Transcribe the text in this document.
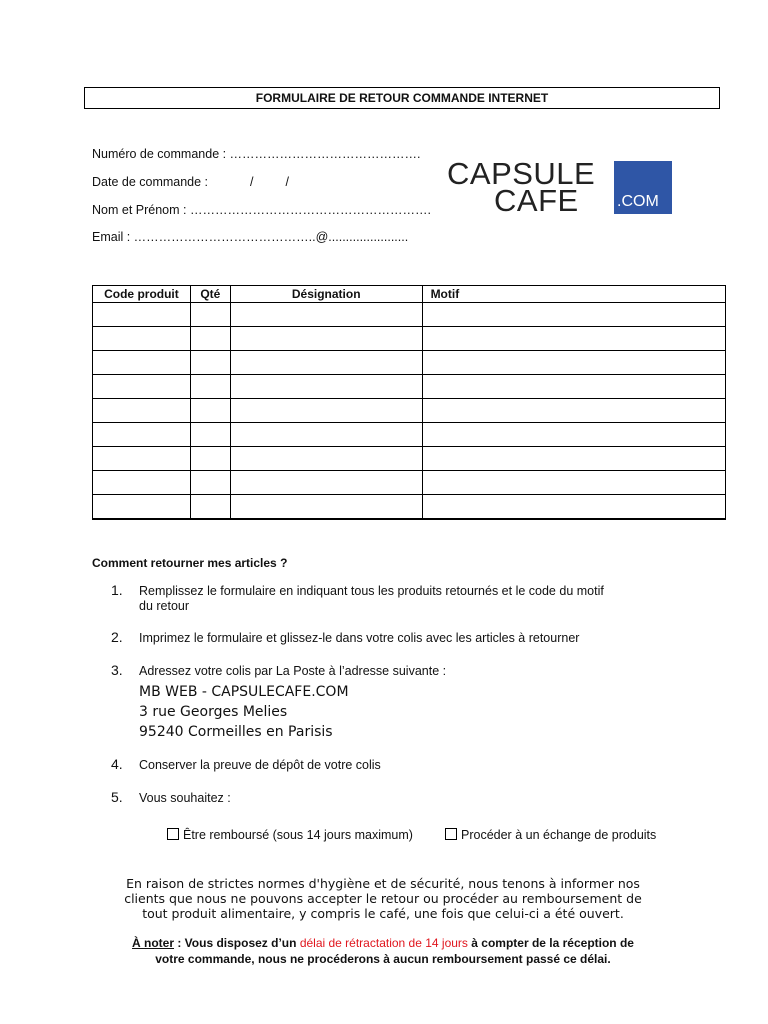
FORMULAIRE DE RETOUR COMMANDE INTERNET
Numéro de commande : ……………………………………….
Date de commande :	/	/
Nom et Prénom : ………………………………………………….
Email : ……………………………………..@.......................
CAPSULE
CAFE .COM
Code produit	Qté	Désignation	Motif

Comment retourner mes articles ?
1. Remplissez le formulaire en indiquant tous les produits retournés et le code du motif
du retour
2. Imprimez le formulaire et glissez-le dans votre colis avec les articles à retourner
3. Adressez votre colis par La Poste à l’adresse suivante :
MB WEB - CAPSULECAFE.COM
3 rue Georges Melies
95240 Cormeilles en Parisis
4. Conserver la preuve de dépôt de votre colis
5. Vous souhaitez :
Être remboursé (sous 14 jours maximum)	Procéder à un échange de produits
En raison de strictes normes d'hygiène et de sécurité, nous tenons à informer nos
clients que nous ne pouvons accepter le retour ou procéder au remboursement de
tout produit alimentaire, y compris le café, une fois que celui-ci a été ouvert.
À noter : Vous disposez d’un délai de rétractation de 14 jours à compter de la réception de
votre commande, nous ne procéderons à aucun remboursement passé ce délai.
